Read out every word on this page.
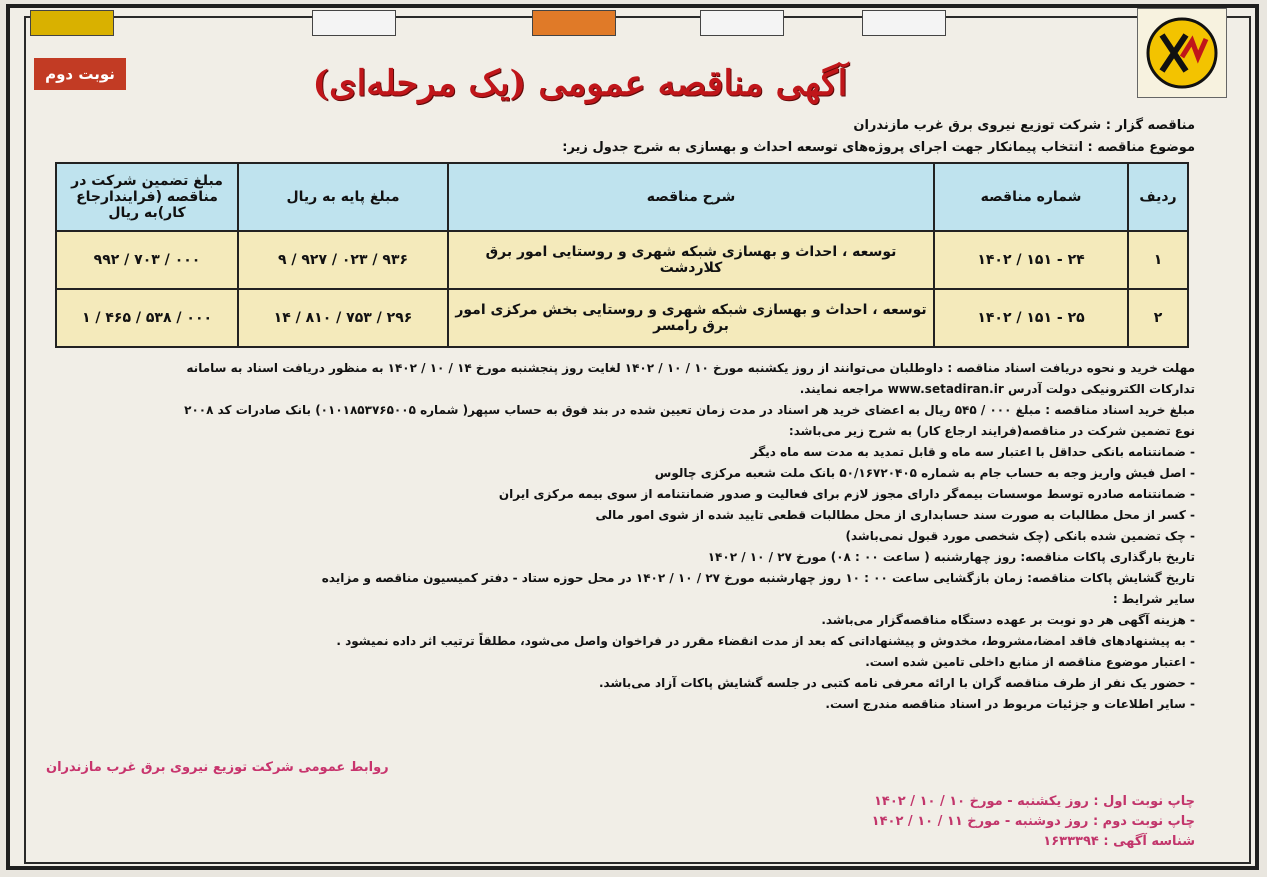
نوبت دوم	آگهی مناقصه عمومی (یک مرحله‌ای)
مناقصه گزار : شرکت توزیع نیروی برق غرب مازندران
موضوع مناقصه : انتخاب پیمانکار جهت اجرای پروژه‌های توسعه احداث و بهسازی به شرح جدول زیر:
ردیف	شماره مناقصه	شرح مناقصه	مبلغ پایه به ریال	مبلغ تضمین شرکت در مناقصه (فرایندارجاع کار)به ریال
۱	۲۴ - ۱۵۱ / ۱۴۰۲	توسعه ، احداث و بهسازی شبکه شهری و روستایی امور برق کلاردشت	۹۳۶ / ۰۲۳ / ۹۲۷ / ۹	۰۰۰ / ۷۰۳ / ۹۹۲
۲	۲۵ - ۱۵۱ / ۱۴۰۲	توسعه ، احداث و بهسازی شبکه شهری و روستایی بخش مرکزی امور برق رامسر	۲۹۶ / ۷۵۳ / ۸۱۰ / ۱۴	۰۰۰ / ۵۳۸ / ۴۶۵ / ۱

مهلت خرید و نحوه دریافت اسناد مناقصه : داوطلبان می‌توانند از روز یکشنبه مورخ ۱۰ / ۱۰ / ۱۴۰۲ لغایت روز پنجشنبه مورخ ۱۴ / ۱۰ / ۱۴۰۲ به منظور دریافت اسناد به سامانه

تدارکات الکترونیکی دولت آدرس www.setadiran.ir مراجعه نمایند.

مبلغ خرید اسناد مناقصه : مبلغ ۰۰۰ / ۵۴۵ ریال به اعضای خرید هر اسناد در مدت زمان تعیین شده در بند فوق به حساب سپهر( شماره ۰۱۰۱۸۵۳۷۶۵۰۰۵) بانک صادرات کد ۲۰۰۸

نوع تضمین شرکت در مناقصه(فرایند ارجاع کار) به شرح زیر می‌باشد:

- ضمانتنامه بانکی حداقل با اعتبار سه ماه و قابل تمدید به مدت سه ماه دیگر

- اصل فیش واریز وجه به حساب جام به شماره ۵۰/۱۶۷۲۰۴۰۵ بانک ملت شعبه مرکزی چالوس

- ضمانتنامه صادره توسط موسسات بیمه‌گر دارای مجوز لازم برای فعالیت و صدور ضمانتنامه از سوی بیمه مرکزی ایران

- کسر از محل مطالبات به صورت سند حسابداری از محل مطالبات قطعی تایید شده از شوی امور مالی

- چک تضمین شده بانکی (چک شخصی مورد قبول نمی‌باشد)

تاریخ بارگذاری پاکات مناقصه: روز چهارشنبه ( ساعت ۰۰ : ۰۸) مورخ ۲۷ / ۱۰ / ۱۴۰۲

تاریخ گشایش پاکات مناقصه: زمان بازگشایی ساعت ۰۰ : ۱۰ روز چهارشنبه مورخ ۲۷ / ۱۰ / ۱۴۰۲ در محل حوزه ستاد - دفتر کمیسیون مناقصه و مزایده

سایر شرایط :

- هزینه آگهی هر دو نوبت بر عهده دستگاه مناقصه‌گزار می‌باشد.

- به پیشنهادهای فاقد امضا،مشروط، مخدوش و پیشنهاداتی که بعد از مدت انقضاء مقرر در فراخوان واصل می‌شود، مطلقاً ترتیب اثر داده نمیشود .

- اعتبار موضوع مناقصه از منابع داخلی تامین شده است.

- حضور یک نفر از طرف مناقصه گران با ارائه معرفی نامه کتبی در جلسه گشایش پاکات آزاد می‌باشد.

- سایر اطلاعات و جزئیات مربوط در اسناد مناقصه مندرج است.

روابط عمومی شرکت توزیع نیروی برق غرب مازندران
چاپ نوبت اول : روز یکشنبه - مورخ ۱۰ / ۱۰ / ۱۴۰۲
چاپ نوبت دوم : روز دوشنبه - مورخ ۱۱ / ۱۰ / ۱۴۰۲
شناسه آگهی : ۱۶۳۳۳۹۴
